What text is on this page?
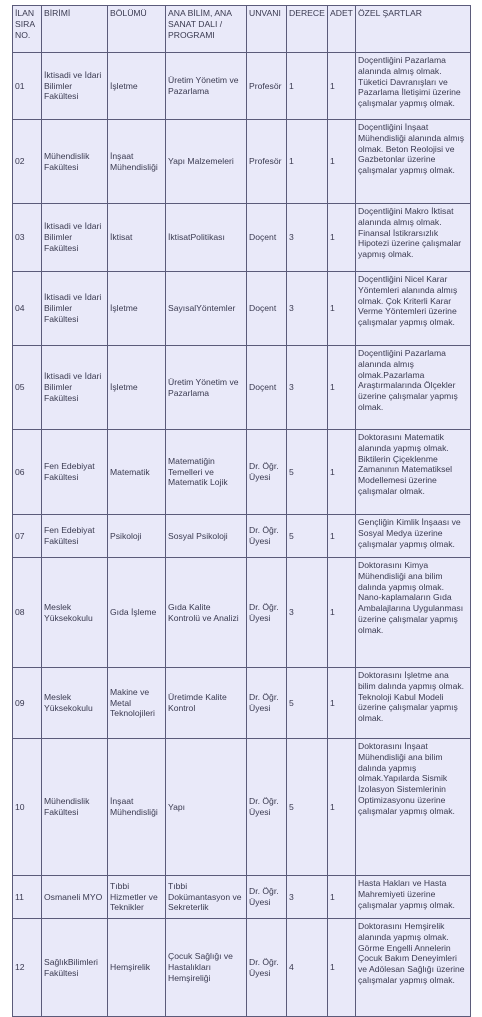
İLAN SIRA NO.	BİRİMİ	BÖLÜMÜ	ANA BİLİM, ANA SANAT DALI / PROGRAMI	UNVANI	DERECE	ADET	ÖZEL ŞARTLAR
01	İktisadi ve İdari Bilimler Fakültesi	İşletme	Üretim Yönetim ve Pazarlama	Profesör	1	1	Doçentliğini Pazarlama alanında almış olmak. Tüketici Davranışları ve Pazarlama İletişimi üzerine çalışmalar yapmış olmak.
02	Mühendislik Fakültesi	İnşaat Mühendisliği	Yapı Malzemeleri	Profesör	1	1	Doçentliğini İnşaat Mühendisliği alanında almış olmak. Beton Reolojisi ve Gazbetonlar üzerine çalışmalar yapmış olmak.
03	İktisadi ve İdari Bilimler Fakültesi	İktisat	İktisatPolitikası	Doçent	3	1	Doçentliğini Makro İktisat alanında almış olmak. Finansal İstikrarsızlık Hipotezi üzerine çalışmalar yapmış olmak.
04	İktisadi ve İdari Bilimler Fakültesi	İşletme	SayısalYöntemler	Doçent	3	1	Doçentliğini Nicel Karar Yöntemleri alanında almış olmak. Çok Kriterli Karar Verme Yöntemleri üzerine çalışmalar yapmış olmak.
05	İktisadi ve İdari Bilimler Fakültesi	İşletme	Üretim Yönetim ve Pazarlama	Doçent	3	1	Doçentliğini Pazarlama alanında almış olmak.Pazarlama Araştırmalarında Ölçekler üzerine çalışmalar yapmış olmak.
06	Fen Edebiyat Fakültesi	Matematik	Matematiğin Temelleri ve Matematik Lojik	Dr. Öğr. Üyesi	5	1	Doktorasını Matematik alanında yapmış olmak. Biktilerin Çiçeklenme Zamanının Matematiksel Modellemesi üzerine çalışmalar olmak.
07	Fen Edebiyat Fakültesi	Psikoloji	Sosyal Psikoloji	Dr. Öğr. Üyesi	5	1	Gençliğin Kimlik İnşaası ve Sosyal Medya üzerine çalışmalar yapmış olmak.
08	Meslek Yüksekokulu	Gıda İşleme	Gıda Kalite Kontrolü ve Analizi	Dr. Öğr. Üyesi	3	1	Doktorasını Kimya Mühendisliği ana bilim dalında yapmış olmak. Nano-kaplamaların Gıda Ambalajlarına Uygulanması üzerine çalışmalar yapmış olmak.
09	Meslek Yüksekokulu	Makine ve Metal Teknolojileri	Üretimde Kalite Kontrol	Dr. Öğr. Üyesi	5	1	Doktorasını İşletme ana bilim dalında yapmış olmak. Teknoloji Kabul Modeli üzerine çalışmalar yapmış olmak.
10	Mühendislik Fakültesi	İnşaat Mühendisliği	Yapı	Dr. Öğr. Üyesi	5	1	Doktorasını İnşaat Mühendisliği ana bilim dalında yapmış olmak.Yapılarda Sismik İzolasyon Sistemlerinin Optimizasyonu üzerine çalışmalar yapmış olmak.
11	Osmaneli MYO	Tıbbi Hizmetler ve Teknikler	Tıbbi Dokümantasyon ve Sekreterlik	Dr. Öğr. Üyesi	3	1	Hasta Hakları ve Hasta Mahremiyeti üzerine çalışmalar yapmış olmak.
12	SağlıkBilimleri Fakültesi	Hemşirelik	Çocuk Sağlığı ve Hastalıkları Hemşireliği	Dr. Öğr. Üyesi	4	1	Doktorasını Hemşirelik alanında yapmış olmak. Görme Engelli Annelerin Çocuk Bakım Deneyimleri ve Adölesan Sağlığı üzerine çalışmalar yapmış olmak.
